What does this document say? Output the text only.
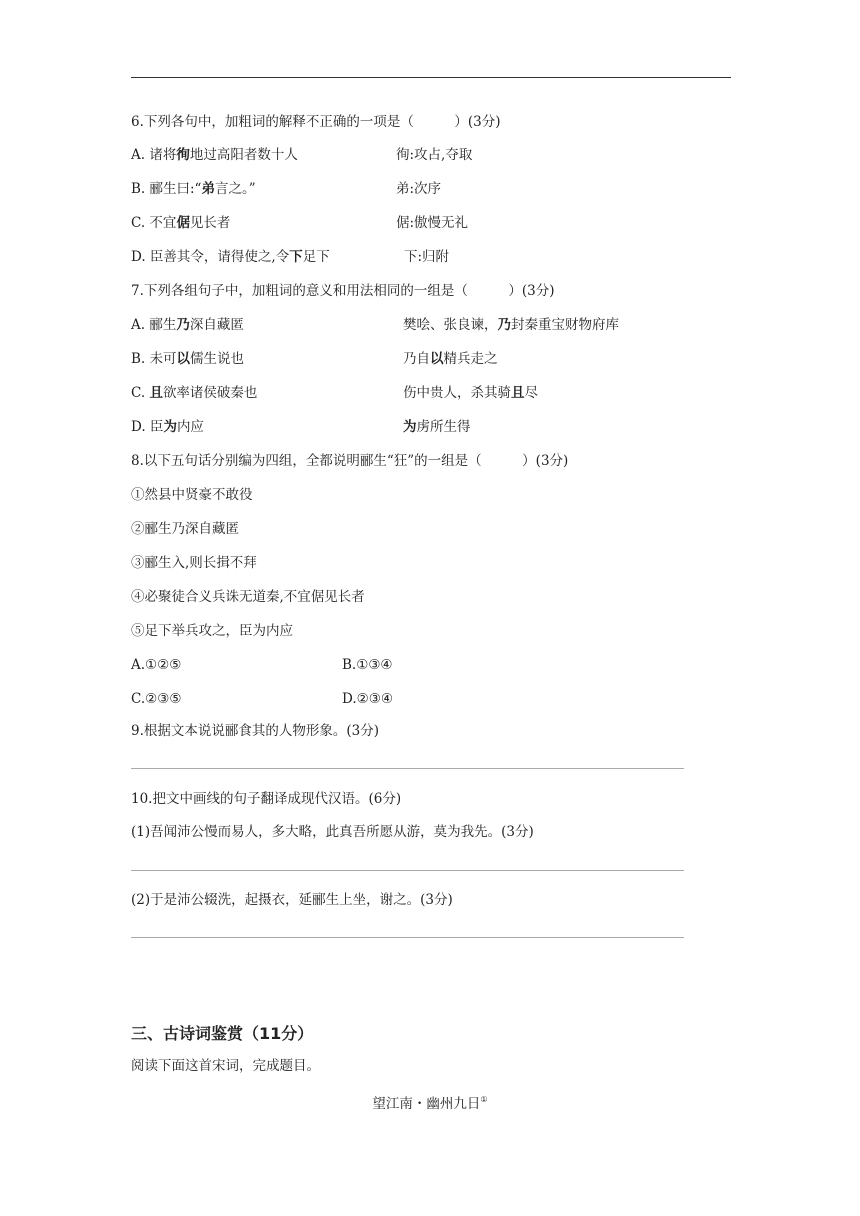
6.下列各句中，加粗词的解释不正确的一项是（　　　）(3分)
A. 诸将徇地过高阳者数十人	徇:攻占,夺取
B. 郦生曰:“弟言之。”	弟:次序
C. 不宜倨见长者	倨:傲慢无礼
D. 臣善其令，请得使之,令下足下	下:归附
7.下列各组句子中，加粗词的意义和用法相同的一组是（　　　）(3分)
A. 郦生乃深自藏匿	樊哙、张良谏，乃封秦重宝财物府库
B. 未可以儒生说也	乃自以精兵走之
C. 且欲率诸侯破秦也	伤中贵人，杀其骑且尽
D. 臣为内应	为虏所生得
8.以下五句话分别编为四组，全都说明郦生“狂”的一组是（　　　）(3分)
①然县中贤豪不敢役
②郦生乃深自藏匿
③郦生入,则长揖不拜
④必聚徒合义兵诛无道秦,不宜倨见长者
⑤足下举兵攻之，臣为内应
A.①②⑤	B.①③④
C.②③⑤	D.②③④
9.根据文本说说郦食其的人物形象。(3分)
10.把文中画线的句子翻译成现代汉语。(6分)
(1)吾闻沛公慢而易人，多大略，此真吾所愿从游，莫为我先。(3分)
(2)于是沛公辍洗，起摄衣，延郦生上坐，谢之。(3分)
三、古诗词鉴赏（11分）
阅读下面这首宋词，完成题目。
望江南・幽州九日①
